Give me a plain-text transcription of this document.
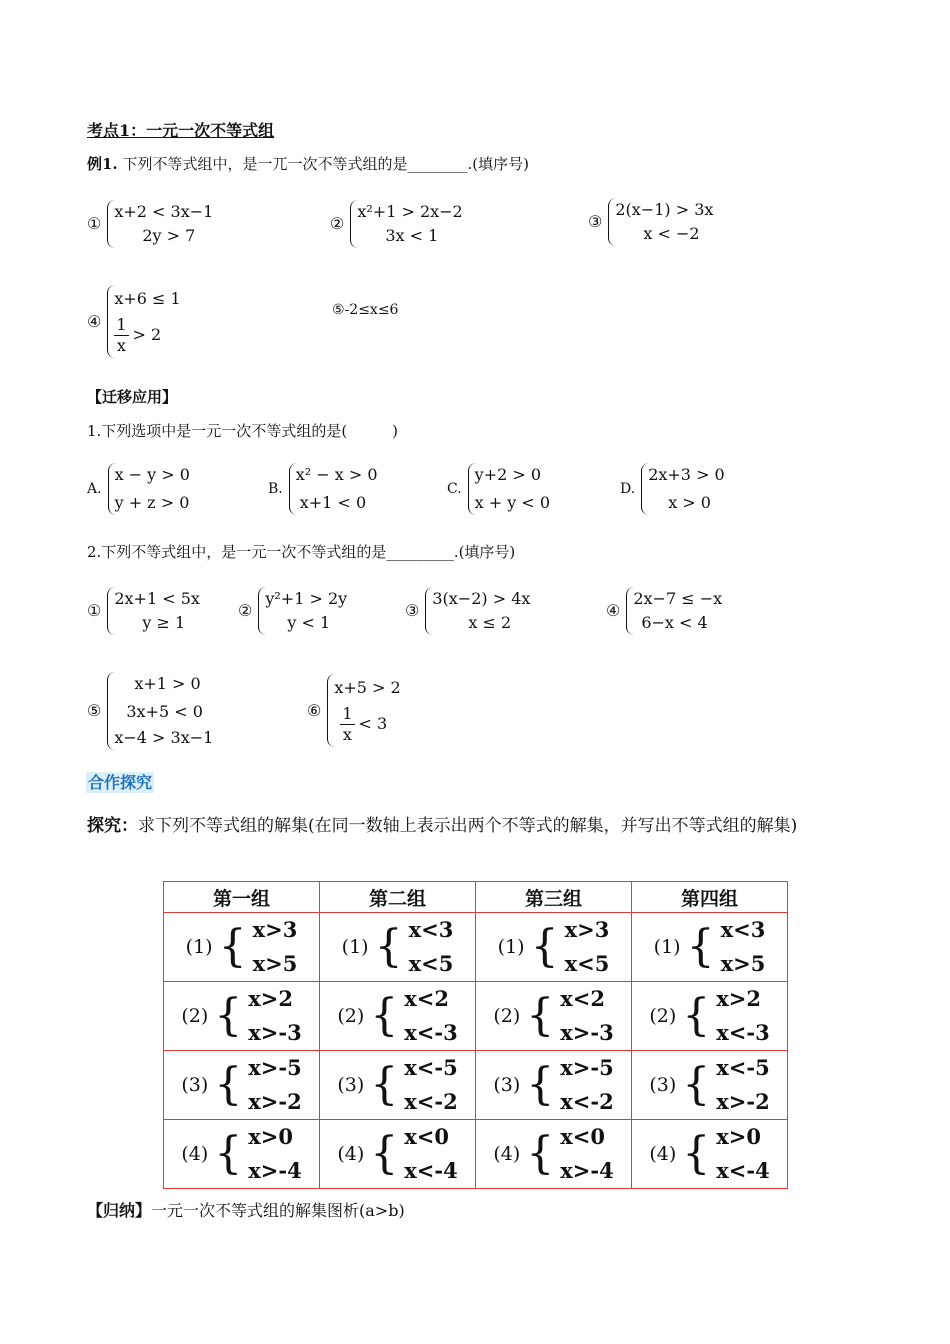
考点1：一元一次不等式组
例1. 下列不等式组中，是一兀一次不等式组的是________.(填序号)
①
x+2 < 3x−1
2y > 7
②
x²+1 > 2x−2
3x < 1
③
2(x−1) > 3x
x < −2
④
x+6 ≤ 1
$\frac{1}{x} > 2$
⑤-2≤x≤6
【迁移应用】
1.下列选项中是一元一次不等式组的是(　　　)
A.
x − y > 0
y + z > 0
B.
x² − x > 0
x+1 < 0
C.
y+2 > 0
x + y < 0
D.
2x+3 > 0
x > 0
2.下列不等式组中，是一元一次不等式组的是_________.(填序号)
①
2x+1 < 5x
y ≥ 1
②
y²+1 > 2y
y < 1
③
3(x−2) > 4x
x ≤ 2
④
2x−7 ≤ −x
6−x < 4
⑤
x+1 > 0
3x+5 < 0
x−4 > 3x−1
⑥
x+5 > 2
$\frac{1}{x} < 3$
合作探究
探究：求下列不等式组的解集(在同一数轴上表示出两个不等式的解集，并写出不等式组的解集)
第一组	第二组	第三组	第四组

(1) { x>3
x>5	(1) { x<3
x<5	(1) { x>3
x<5	(1) { x<3
x>5

(2) { x>2
x>-3	(2) { x<2
x<-3	(2) { x<2
x>-3	(2) { x>2
x<-3

(3) { x>-5
x>-2	(3) { x<-5
x<-2	(3) { x>-5
x<-2	(3) { x<-5
x>-2

(4) { x>0
x>-4	(4) { x<0
x<-4	(4) { x<0
x>-4	(4) { x>0
x<-4
【归纳】一元一次不等式组的解集图析(a>b)
